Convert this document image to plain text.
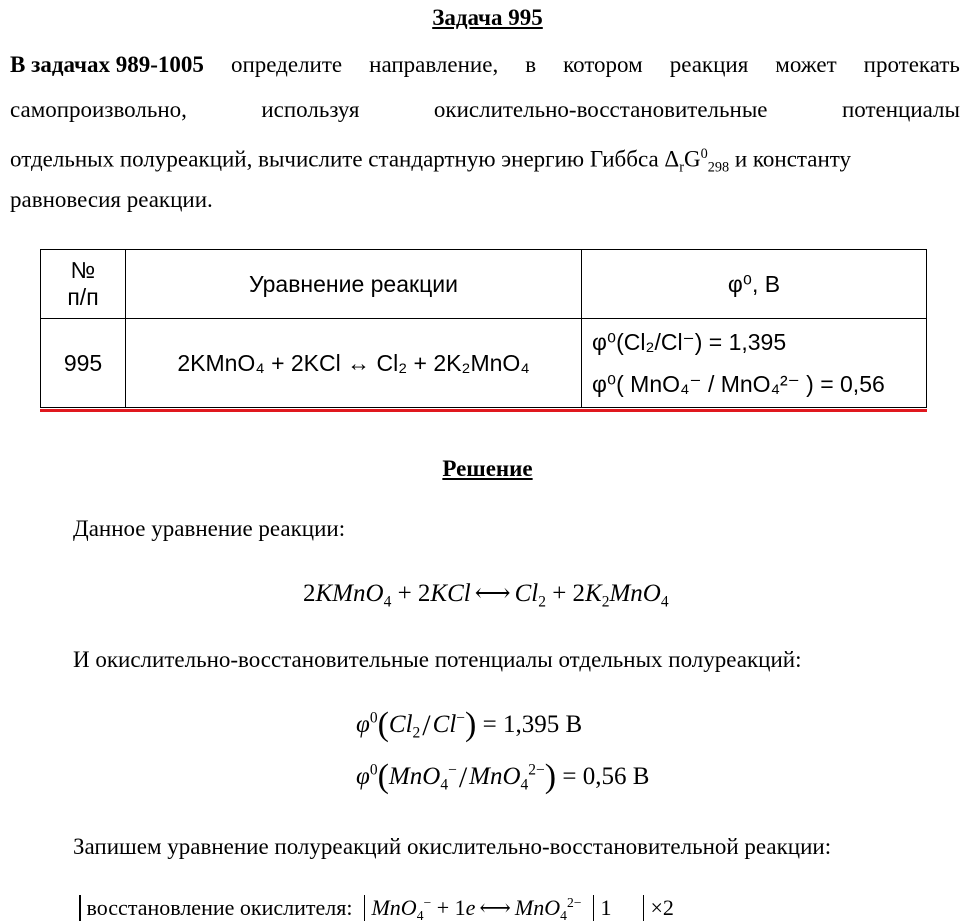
Задача 995
В задачах 989-1005 определите направление, в котором реакция может протекать
самопроизвольно,	используя	окислительно-восстановительные	потенциалы
отдельных полуреакций, вычислите стандартную энергию Гиббса $\Delta_rG^0_{298}$ и константу
равновесия реакции.
№
п/п	Уравнение реакции	φ⁰, В
995	2KMnO₄ + 2KCl ↔ Cl₂ + 2K₂MnO₄	φ⁰(Cl₂/Cl⁻) = 1,395
φ⁰( MnO₄⁻ / MnO₄²⁻ ) = 0,56
Решение
Данное уравнение реакции:
2KMnO$_4$ + 2KCl ⟷ $Cl_2 + 2K_2MnO_4$
И окислительно-восстановительные потенциалы отдельных полуреакций:
$\varphi^0(Cl_2/Cl^-) = 1,395$ В
$\varphi^0(MnO_4^-/MnO_4^{2-}) = 0,56$ В
Запишем уравнение полуреакций окислительно-восстановительной реакции:
восстановление окислителя: MnO$_4$− + 1e ⟷ MnO$_4^{2-}$ 1 ×2
